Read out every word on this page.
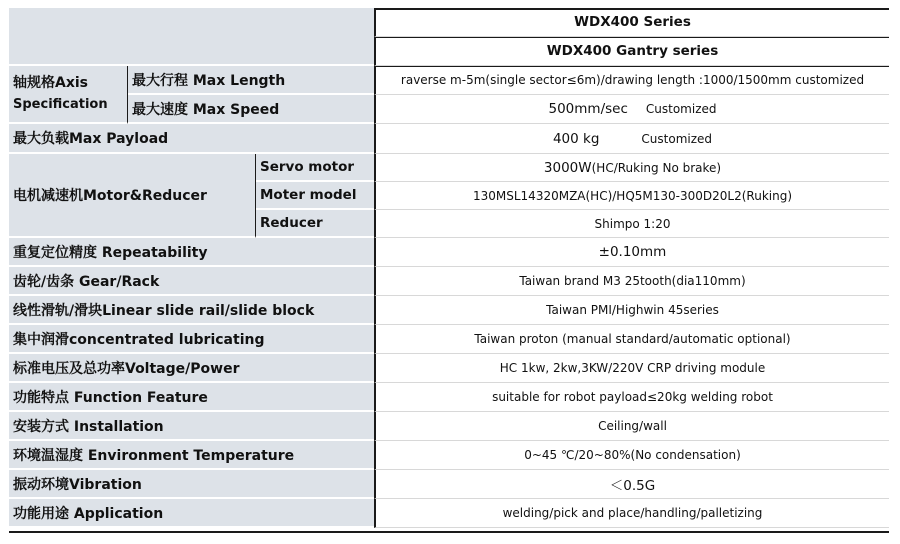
WDX400 Series
WDX400 Gantry series
轴规格Axis
Specification
最大行程 Max Length	raverse m-5m(single sector≤6m)/drawing length :1000/1500mm customized
最大速度 Max Speed	500mm/sec Customized
最大负载Max Payload	400 kg	Customized
电机减速机Motor&Reducer
Servo motor	3000W (HC/Ruking No brake)
Moter model	130MSL14320MZA(HC)/HQ5M130-300D20L2(Ruking)
Reducer	Shimpo 1:20
重复定位精度 Repeatability	±0.10mm
齿轮/齿条 Gear/Rack	Taiwan brand M3 25tooth(dia110mm)
线性滑轨/滑块Linear slide rail/slide block	Taiwan PMI/Highwin 45series
集中润滑concentrated lubricating	Taiwan proton (manual standard/automatic optional)
标准电压及总功率Voltage/Power	HC 1kw, 2kw,3KW/220V CRP driving module
功能特点 Function Feature	suitable for robot payload≤20kg welding robot
安装方式 Installation	Ceiling/wall
环境温湿度 Environment Temperature	0~45 ℃/20~80%(No condensation)
振动环境Vibration	＜0.5G
功能用途 Application	welding/pick and place/handling/palletizing
